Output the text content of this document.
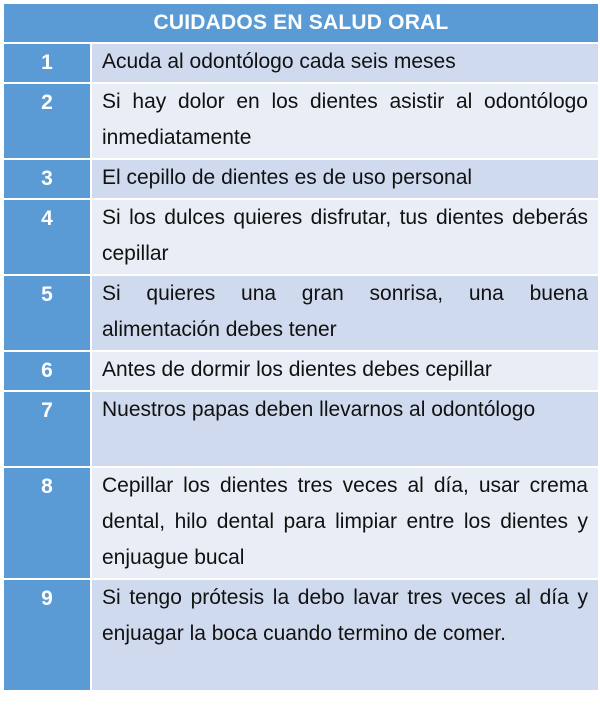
CUIDADOS EN SALUD ORAL	
1	Acuda al odontólogo cada seis meses
2	Si hay dolor en los dientes asistir al odontólogo inmediatamente
3	El cepillo de dientes es de uso personal
4	Si los dulces quieres disfrutar, tus dientes deberás cepillar
5	Si quieres una gran sonrisa, una buena alimentación debes tener
6	Antes de dormir los dientes debes cepillar
7	Nuestros papas deben llevarnos al odontólogo
8	Cepillar los dientes tres veces al día, usar crema dental, hilo dental para limpiar entre los dientes y enjuague bucal
9	Si tengo prótesis la debo lavar tres veces al día y enjuagar la boca cuando termino de comer.
